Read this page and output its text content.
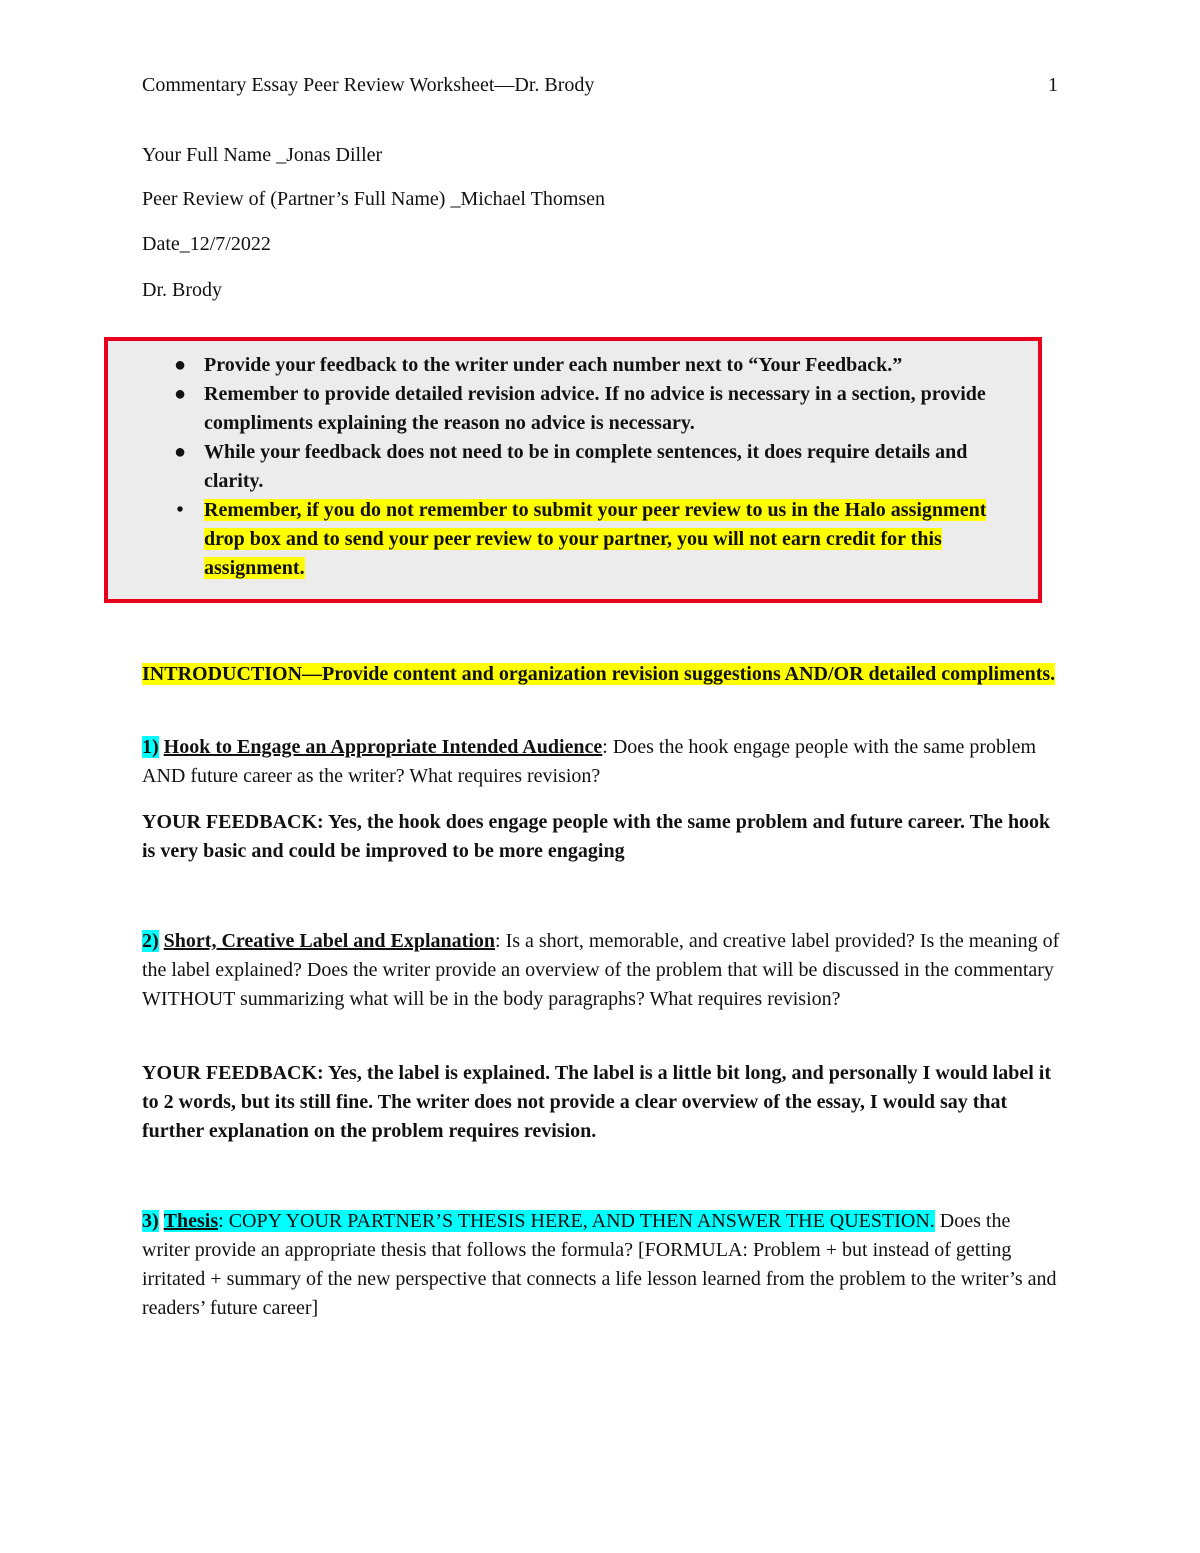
Commentary Essay Peer Review Worksheet—Dr. Brody	1
Your Full Name _Jonas Diller
Peer Review of (Partner’s Full Name) _Michael Thomsen
Date_12/7/2022
Dr. Brody
● Provide your feedback to the writer under each number next to “Your Feedback.”
● Remember to provide detailed revision advice. If no advice is necessary in a section, provide compliments explaining the reason no advice is necessary.
● While your feedback does not need to be in complete sentences, it does require details and clarity.
•	Remember, if you do not remember to submit your peer review to us in the Halo assignment drop box and to send your peer review to your partner, you will not earn credit for this assignment.
INTRODUCTION—Provide content and organization revision suggestions AND/OR detailed compliments.
1) Hook to Engage an Appropriate Intended Audience: Does the hook engage people with the same problem AND future career as the writer? What requires revision?
YOUR FEEDBACK: Yes, the hook does engage people with the same problem and future career. The hook is very basic and could be improved to be more engaging
2) Short, Creative Label and Explanation: Is a short, memorable, and creative label provided? Is the meaning of the label explained? Does the writer provide an overview of the problem that will be discussed in the commentary WITHOUT summarizing what will be in the body paragraphs? What requires revision?
YOUR FEEDBACK: Yes, the label is explained. The label is a little bit long, and personally I would label it to 2 words, but its still fine. The writer does not provide a clear overview of the essay, I would say that further explanation on the problem requires revision.
3) Thesis: COPY YOUR PARTNER’S THESIS HERE, AND THEN ANSWER THE QUESTION. Does the writer provide an appropriate thesis that follows the formula? [FORMULA: Problem + but instead of getting irritated + summary of the new perspective that connects a life lesson learned from the problem to the writer’s and readers’ future career]
